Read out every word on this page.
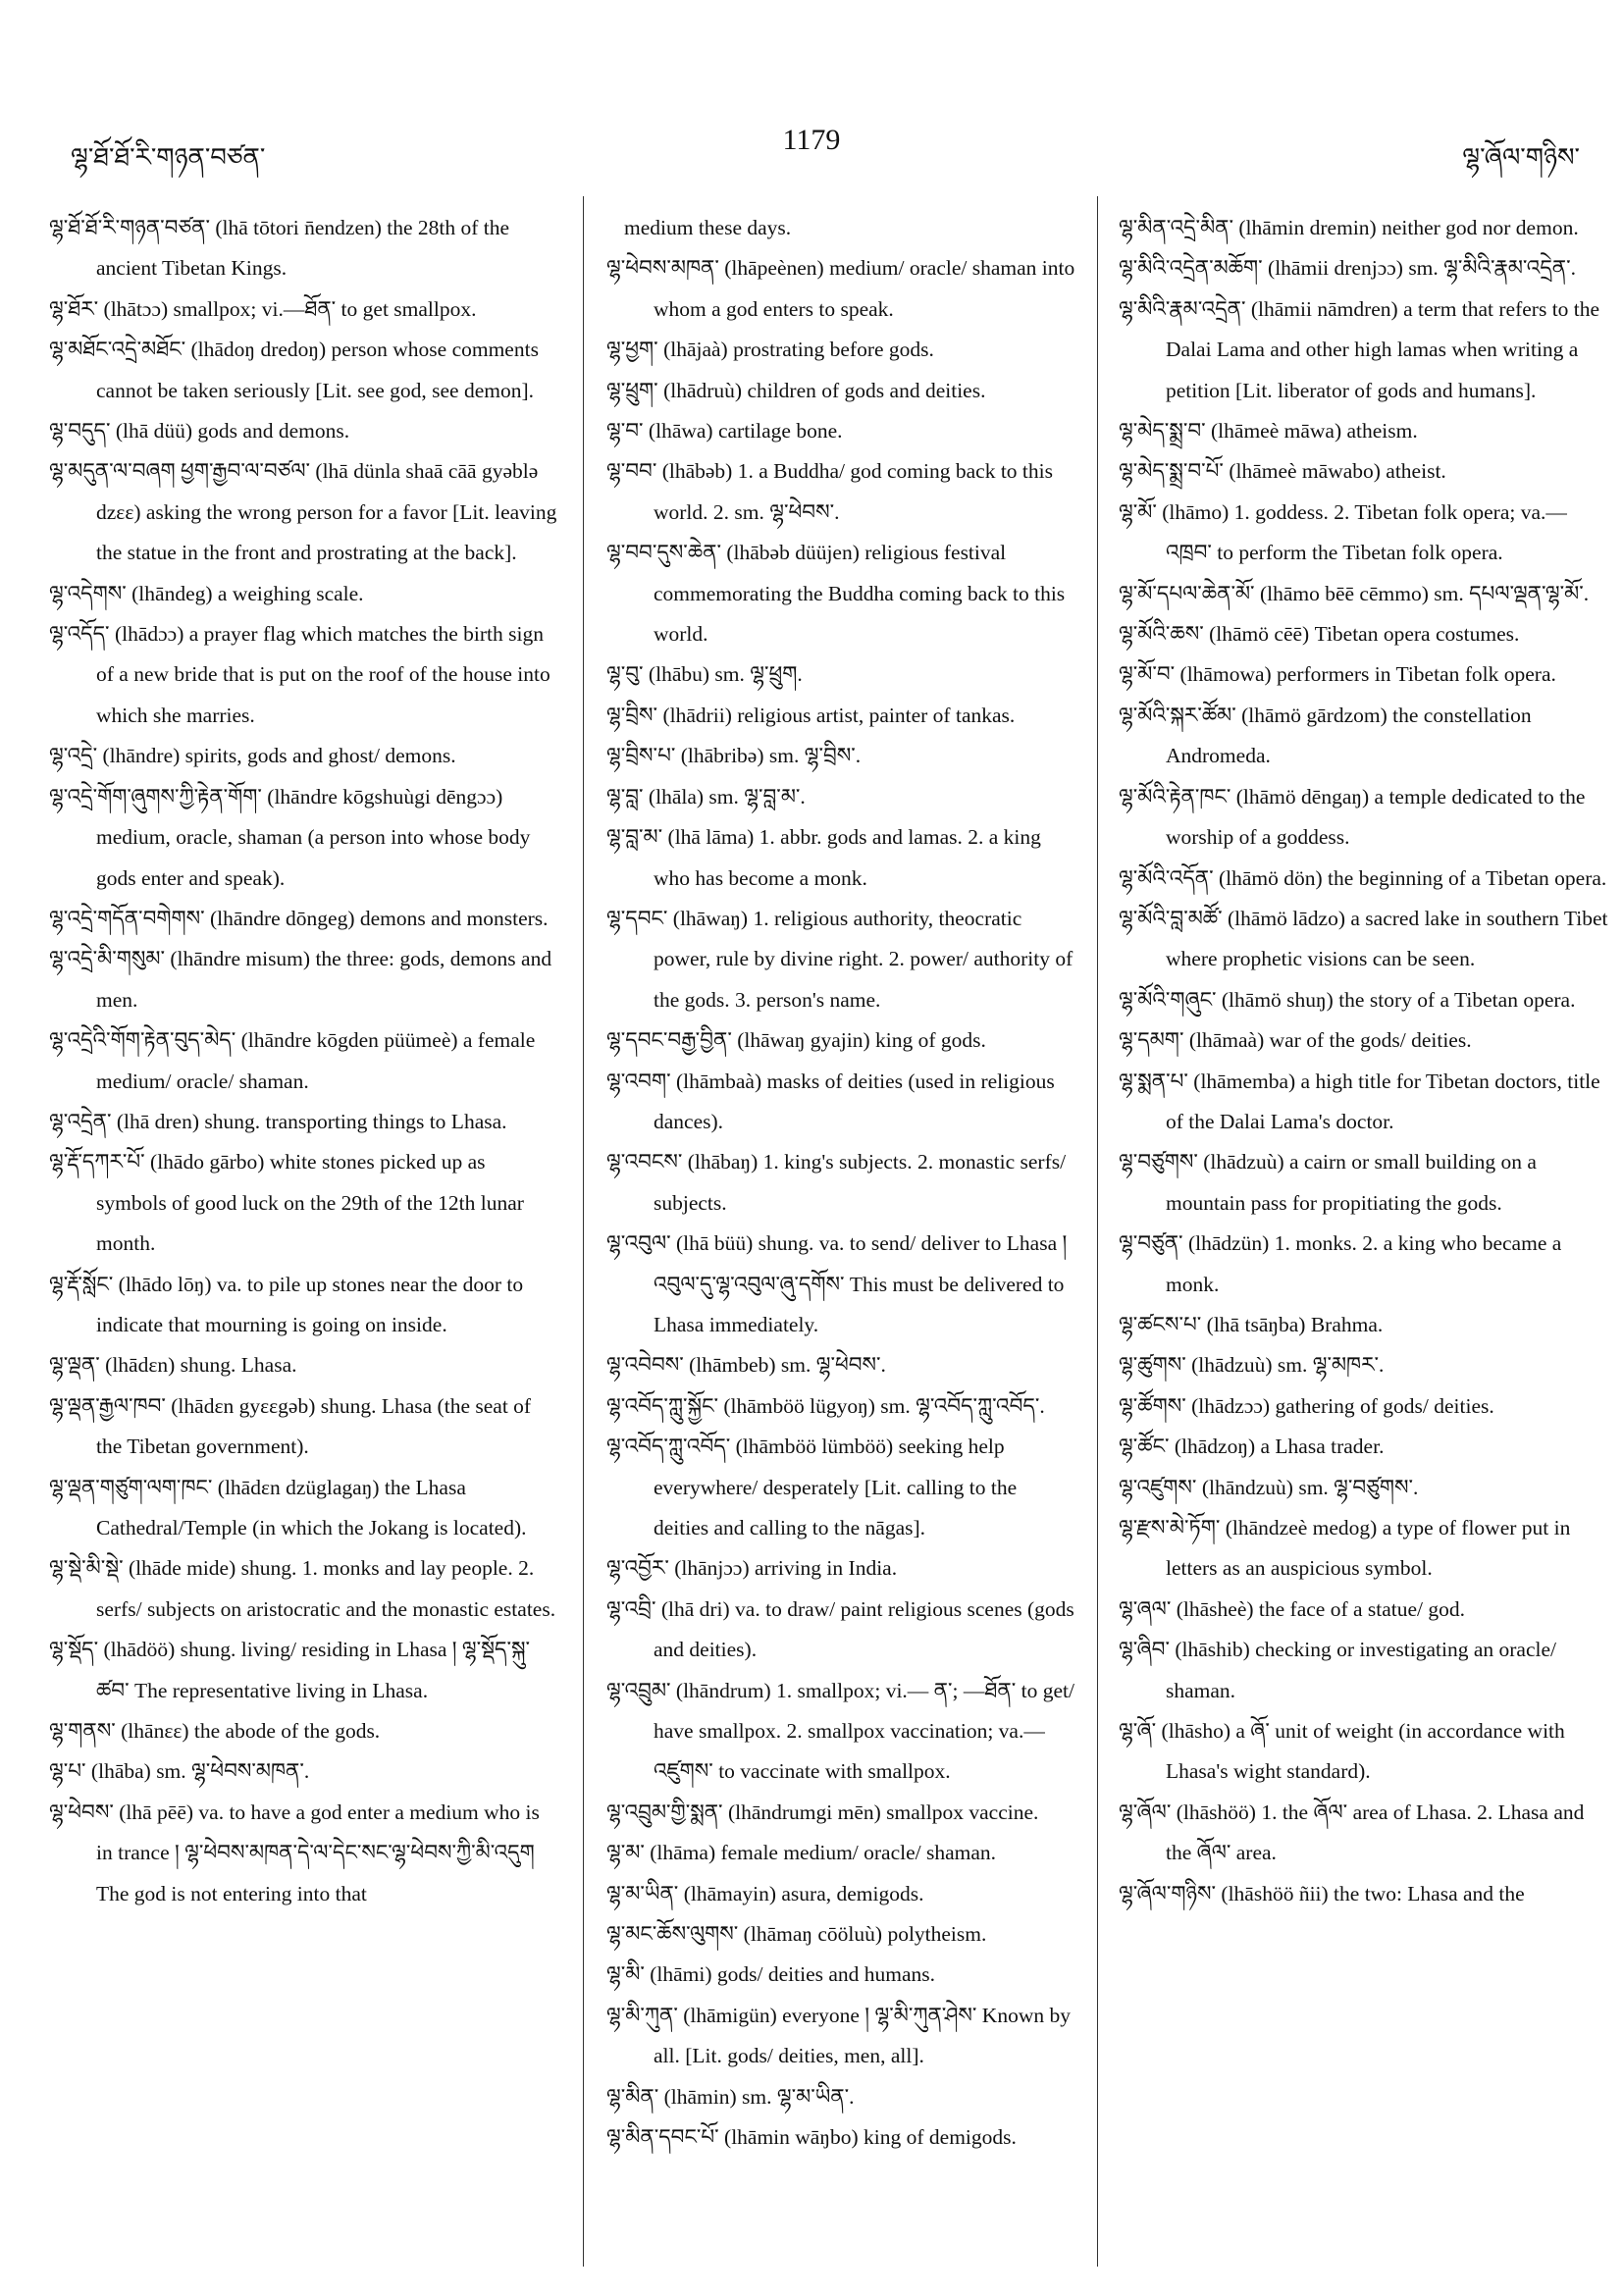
ལྷ་ཐོ་ཐོ་རི་གཉན་བཙན་
1179
ལྷ་ཞོལ་གཉིས་

ལྷ་ཐོ་ཐོ་རི་གཉན་བཙན་ (lhā tōtori n̄endzen) the 28th of the ancient Tibetan Kings.

ལྷ་ཐོར་ (lhātɔɔ) smallpox; vi.—ཐོན་ to get smallpox.

ལྷ་མཐོང་འདྲེ་མཐོང་ (lhādoŋ dredoŋ) person whose comments cannot be taken seriously [Lit. see god, see demon].

ལྷ་བདུད་ (lhā düü) gods and demons.

ལྷ་མདུན་ལ་བཞག ཕྱག་རྒྱབ་ལ་བཙལ་ (lhā dünla shaā cāā gyəblə dzεε) asking the wrong person for a favor [Lit. leaving the statue in the front and prostrating at the back].

ལྷ་འདེགས་ (lhāndeg) a weighing scale.

ལྷ་འདོད་ (lhādɔɔ) a prayer flag which matches the birth sign of a new bride that is put on the roof of the house into which she marries.

ལྷ་འདྲེ་ (lhāndre) spirits, gods and ghost/ demons.

ལྷ་འདྲེ་གོག་ཞུགས་ཀྱི་རྟེན་གོག་ (lhāndre kōgshuùgi dēngɔɔ) medium, oracle, shaman (a person into whose body gods enter and speak).

ལྷ་འདྲེ་གདོན་བགེགས་ (lhāndre dōngeg) demons and monsters.

ལྷ་འདྲེ་མི་གསུམ་ (lhāndre misum) the three: gods, demons and men.

ལྷ་འདྲེའི་གོག་རྟེན་བུད་མེད་ (lhāndre kōgden püümeè) a female medium/ oracle/ shaman.

ལྷ་འདྲེན་ (lhā dren) shung. transporting things to Lhasa.

ལྷ་རྡོ་དཀར་པོ་ (lhādo gārbo) white stones picked up as symbols of good luck on the 29th of the 12th lunar month.

ལྷ་རྡོ་སློང་ (lhādo lōŋ) va. to pile up stones near the door to indicate that mourning is going on inside.

ལྷ་ལྡན་ (lhādεn) shung. Lhasa.

ལྷ་ལྡན་རྒྱལ་ཁབ་ (lhādεn gyεεgəb) shung. Lhasa (the seat of the Tibetan government).

ལྷ་ལྡན་གཙུག་ལག་ཁང་ (lhādεn dzüglagaŋ) the Lhasa Cathedral/Temple (in which the Jokang is located).

ལྷ་སྡེ་མི་སྡེ་ (lhāde mide) shung. 1. monks and lay people. 2. serfs/ subjects on aristocratic and the monastic estates.

ལྷ་སྡོད་ (lhādöö) shung. living/ residing in Lhasa ། ལྷ་སྡོད་སྐུ་ཚབ་ The representative living in Lhasa.

ལྷ་གནས་ (lhānεε) the abode of the gods.

ལྷ་པ་ (lhāba) sm. ལྷ་ཕེབས་མཁན་.

ལྷ་ཕེབས་ (lhā pēē) va. to have a god enter a medium who is in trance ། ལྷ་ཕེབས་མཁན་དེ་ལ་དེང་སང་ལྷ་ཕེབས་ཀྱི་མི་འདུག The god is not entering into that

medium these days.

ལྷ་ཕེབས་མཁན་ (lhāpeènen) medium/ oracle/ shaman into whom a god enters to speak.

ལྷ་ཕྱག་ (lhājaà) prostrating before gods.

ལྷ་ཕྲུག་ (lhādruù) children of gods and deities.

ལྷ་བ་ (lhāwa) cartilage bone.

ལྷ་བབ་ (lhābəb) 1. a Buddha/ god coming back to this world. 2. sm. ལྷ་ཕེབས་.

ལྷ་བབ་དུས་ཆེན་ (lhābəb düüjen) religious festival commemorating the Buddha coming back to this world.

ལྷ་བུ་ (lhābu) sm. ལྷ་ཕྲུག.

ལྷ་བྲིས་ (lhādrii) religious artist, painter of tankas.

ལྷ་བྲིས་པ་ (lhābribə) sm. ལྷ་བྲིས་.

ལྷ་བླ་ (lhāla) sm. ལྷ་བླ་མ་.

ལྷ་བླ་མ་ (lhā lāma) 1. abbr. gods and lamas. 2. a king who has become a monk.

ལྷ་དབང་ (lhāwaŋ) 1. religious authority, theocratic power, rule by divine right. 2. power/ authority of the gods. 3. person's name.

ལྷ་དབང་བརྒྱ་བྱིན་ (lhāwaŋ gyajin) king of gods.

ལྷ་འབག་ (lhāmbaà) masks of deities (used in religious dances).

ལྷ་འབངས་ (lhābaŋ) 1. king's subjects. 2. monastic serfs/ subjects.

ལྷ་འབུལ་ (lhā büü) shung. va. to send/ deliver to Lhasa ། འབུལ་དུ་ལྷ་འབུལ་ཞུ་དགོས་ This must be delivered to Lhasa immediately.

ལྷ་འབེབས་ (lhāmbeb) sm. ལྷ་ཕེབས་.

ལྷ་འབོད་ཀླུ་སྐྱོང་ (lhāmböö lügyoŋ) sm. ལྷ་འབོད་ཀླུ་འབོད་.

ལྷ་འབོད་ཀླུ་འབོད་ (lhāmböö lümböö) seeking help everywhere/ desperately [Lit. calling to the deities and calling to the nāgas].

ལྷ་འབྱོར་ (lhānjɔɔ) arriving in India.

ལྷ་འབྲི་ (lhā dri) va. to draw/ paint religious scenes (gods and deities).

ལྷ་འབྲུམ་ (lhāndrum) 1. smallpox; vi.— ན་; —ཐོན་ to get/ have smallpox. 2. smallpox vaccination; va.—འཛུགས་ to vaccinate with smallpox.

ལྷ་འབྲུམ་གྱི་སྨན་ (lhāndrumgi mēn) smallpox vaccine.

ལྷ་མ་ (lhāma) female medium/ oracle/ shaman.

ལྷ་མ་ཡིན་ (lhāmayin) asura, demigods.

ལྷ་མང་ཆོས་ལུགས་ (lhāmaŋ cōöluù) polytheism.

ལྷ་མི་ (lhāmi) gods/ deities and humans.

ལྷ་མི་ཀུན་ (lhāmigün) everyone ། ལྷ་མི་ཀུན་ཤེས་ Known by all. [Lit. gods/ deities, men, all].

ལྷ་མིན་ (lhāmin) sm. ལྷ་མ་ཡིན་.

ལྷ་མིན་དབང་པོ་ (lhāmin wāŋbo) king of demigods.

ལྷ་མིན་འདྲེ་མིན་ (lhāmin dremin) neither god nor demon.

ལྷ་མིའི་འདྲེན་མཆོག་ (lhāmii drenjɔɔ) sm. ལྷ་མིའི་རྣམ་འདྲེན་.

ལྷ་མིའི་རྣམ་འདྲེན་ (lhāmii nāmdren) a term that refers to the Dalai Lama and other high lamas when writing a petition [Lit. liberator of gods and humans].

ལྷ་མེད་སྨྲ་བ་ (lhāmeè māwa) atheism.

ལྷ་མེད་སྨྲ་བ་པོ་ (lhāmeè māwabo) atheist.

ལྷ་མོ་ (lhāmo) 1. goddess. 2. Tibetan folk opera; va.—འཁྲབ་ to perform the Tibetan folk opera.

ལྷ་མོ་དཔལ་ཆེན་མོ་ (lhāmo bēē cēmmo) sm. དཔལ་ལྡན་ལྷ་མོ་.

ལྷ་མོའི་ཆས་ (lhāmö cēē) Tibetan opera costumes.

ལྷ་མོ་བ་ (lhāmowa) performers in Tibetan folk opera.

ལྷ་མོའི་སྐར་ཚོམ་ (lhāmö gārdzom) the constellation Andromeda.

ལྷ་མོའི་རྟེན་ཁང་ (lhāmö dēngaŋ) a temple dedicated to the worship of a goddess.

ལྷ་མོའི་འདོན་ (lhāmö dön) the beginning of a Tibetan opera.

ལྷ་མོའི་བླ་མཚོ་ (lhāmö lādzo) a sacred lake in southern Tibet where prophetic visions can be seen.

ལྷ་མོའི་གཞུང་ (lhāmö shuŋ) the story of a Tibetan opera.

ལྷ་དམག་ (lhāmaà) war of the gods/ deities.

ལྷ་སྨན་པ་ (lhāmemba) a high title for Tibetan doctors, title of the Dalai Lama's doctor.

ལྷ་བཙུགས་ (lhādzuù) a cairn or small building on a mountain pass for propitiating the gods.

ལྷ་བཙུན་ (lhādzün) 1. monks. 2. a king who became a monk.

ལྷ་ཚངས་པ་ (lhā tsāŋba) Brahma.

ལྷ་ཚུགས་ (lhādzuù) sm. ལྷ་མཁར་.

ལྷ་ཚོགས་ (lhādzɔɔ) gathering of gods/ deities.

ལྷ་ཚོང་ (lhādzoŋ) a Lhasa trader.

ལྷ་འཛུགས་ (lhāndzuù) sm. ལྷ་བཙུགས་.

ལྷ་རྫས་མེ་ཏོག་ (lhāndzeè medog) a type of flower put in letters as an auspicious symbol.

ལྷ་ཞལ་ (lhāsheè) the face of a statue/ god.

ལྷ་ཞིབ་ (lhāshib) checking or investigating an oracle/ shaman.

ལྷ་ཞོ་ (lhāsho) a ཞོ་ unit of weight (in accordance with Lhasa's wight standard).

ལྷ་ཞོལ་ (lhāshöö) 1. the ཞོལ་ area of Lhasa. 2. Lhasa and the ཞོལ་ area.

ལྷ་ཞོལ་གཉིས་ (lhāshöö ñii) the two: Lhasa and the
